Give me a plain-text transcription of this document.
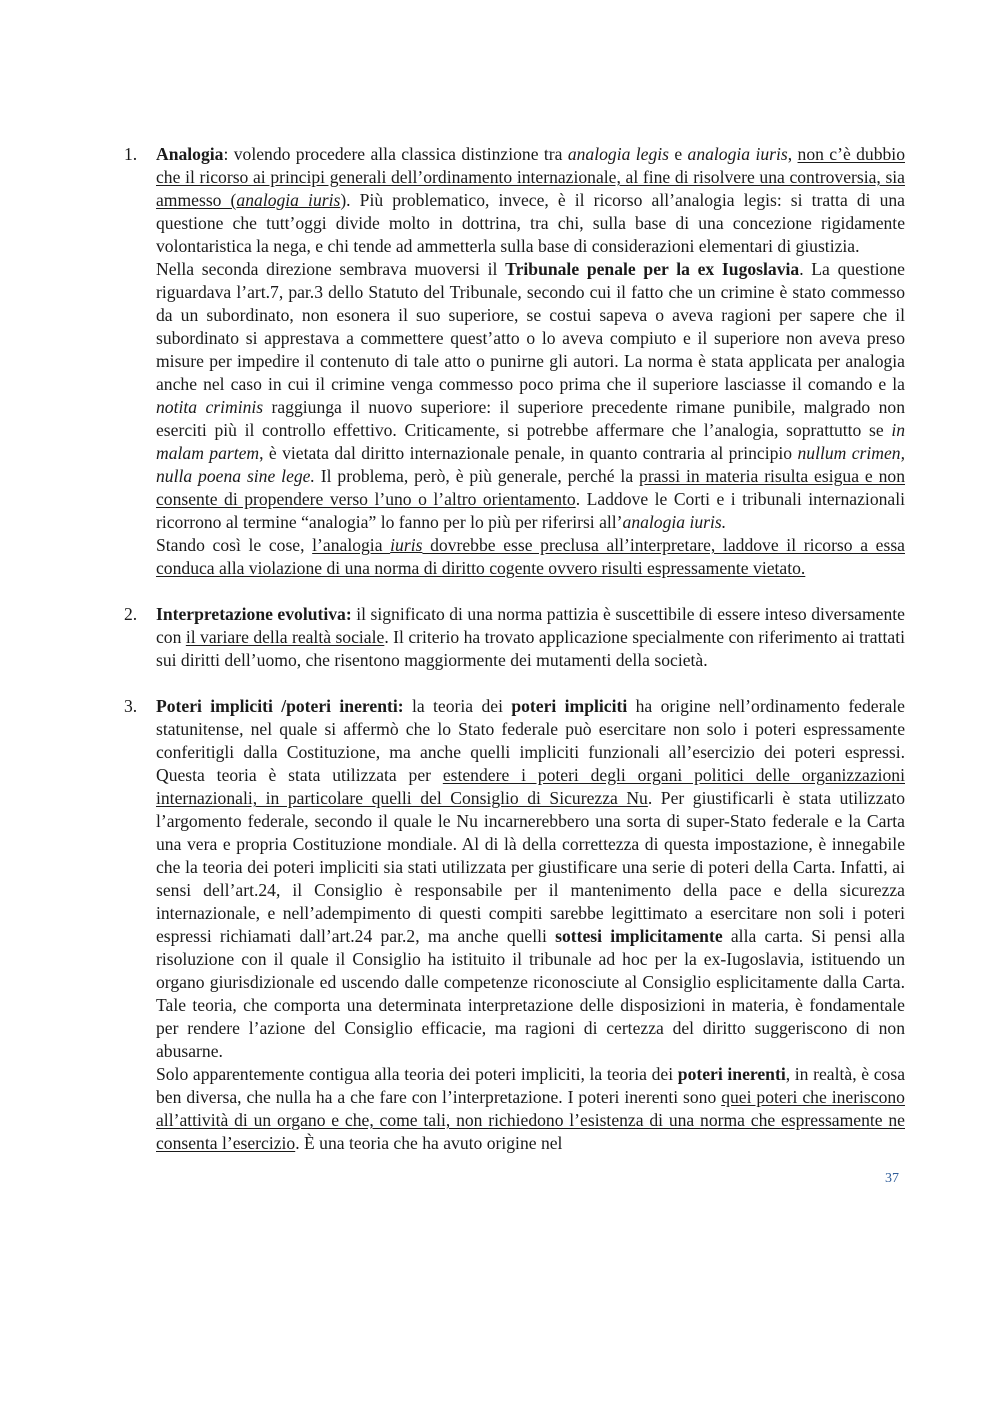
1. Analogia: volendo procedere alla classica distinzione tra analogia legis e analogia iuris, non c’è dubbio che il ricorso ai principi generali dell’ordinamento internazionale, al fine di risolvere una controversia, sia ammesso (analogia iuris). Più problematico, invece, è il ricorso all’analogia legis: si tratta di una questione che tutt’oggi divide molto in dottrina, tra chi, sulla base di una concezione rigidamente volontaristica la nega, e chi tende ad ammetterla sulla base di considerazioni elementari di giustizia.

Nella seconda direzione sembrava muoversi il Tribunale penale per la ex Iugoslavia. La questione riguardava l’art.7, par.3 dello Statuto del Tribunale, secondo cui il fatto che un crimine è stato commesso da un subordinato, non esonera il suo superiore, se costui sapeva o aveva ragioni per sapere che il subordinato si apprestava a commettere quest’atto o lo aveva compiuto e il superiore non aveva preso misure per impedire il contenuto di tale atto o punirne gli autori. La norma è stata applicata per analogia anche nel caso in cui il crimine venga commesso poco prima che il superiore lasciasse il comando e la notita criminis raggiunga il nuovo superiore: il superiore precedente rimane punibile, malgrado non eserciti più il controllo effettivo. Criticamente, si potrebbe affermare che l’analogia, soprattutto se in malam partem, è vietata dal diritto internazionale penale, in quanto contraria al principio nullum crimen, nulla poena sine lege. Il problema, però, è più generale, perché la prassi in materia risulta esigua e non consente di propendere verso l’uno o l’altro orientamento. Laddove le Corti e i tribunali internazionali ricorrono al termine “analogia” lo fanno per lo più per riferirsi all’analogia iuris.

Stando così le cose, l’analogia iuris dovrebbe esse preclusa all’interpretare, laddove il ricorso a essa conduca alla violazione di una norma di diritto cogente ovvero risulti espressamente vietato.

2. Interpretazione evolutiva: il significato di una norma pattizia è suscettibile di essere inteso diversamente con il variare della realtà sociale. Il criterio ha trovato applicazione specialmente con riferimento ai trattati sui diritti dell’uomo, che risentono maggiormente dei mutamenti della società.

3. Poteri impliciti /poteri inerenti: la teoria dei poteri impliciti ha origine nell’ordinamento federale statunitense, nel quale si affermò che lo Stato federale può esercitare non solo i poteri espressamente conferitigli dalla Costituzione, ma anche quelli impliciti funzionali all’esercizio dei poteri espressi. Questa teoria è stata utilizzata per estendere i poteri degli organi politici delle organizzazioni internazionali, in particolare quelli del Consiglio di Sicurezza Nu. Per giustificarli è stata utilizzato l’argomento federale, secondo il quale le Nu incarnerebbero una sorta di super-Stato federale e la Carta una vera e propria Costituzione mondiale. Al di là della correttezza di questa impostazione, è innegabile che la teoria dei poteri impliciti sia stati utilizzata per giustificare una serie di poteri della Carta. Infatti, ai sensi dell’art.24, il Consiglio è responsabile per il mantenimento della pace e della sicurezza internazionale, e nell’adempimento di questi compiti sarebbe legittimato a esercitare non soli i poteri espressi richiamati dall’art.24 par.2, ma anche quelli sottesi implicitamente alla carta. Si pensi alla risoluzione con il quale il Consiglio ha istituito il tribunale ad hoc per la ex-Iugoslavia, istituendo un organo giurisdizionale ed uscendo dalle competenze riconosciute al Consiglio esplicitamente dalla Carta. Tale teoria, che comporta una determinata interpretazione delle disposizioni in materia, è fondamentale per rendere l’azione del Consiglio efficacie, ma ragioni di certezza del diritto suggeriscono di non abusarne.

Solo apparentemente contigua alla teoria dei poteri impliciti, la teoria dei poteri inerenti, in realtà, è cosa ben diversa, che nulla ha a che fare con l’interpretazione. I poteri inerenti sono quei poteri che ineriscono all’attività di un organo e che, come tali, non richiedono l’esistenza di una norma che espressamente ne consenta l’esercizio. È una teoria che ha avuto origine nel

37
